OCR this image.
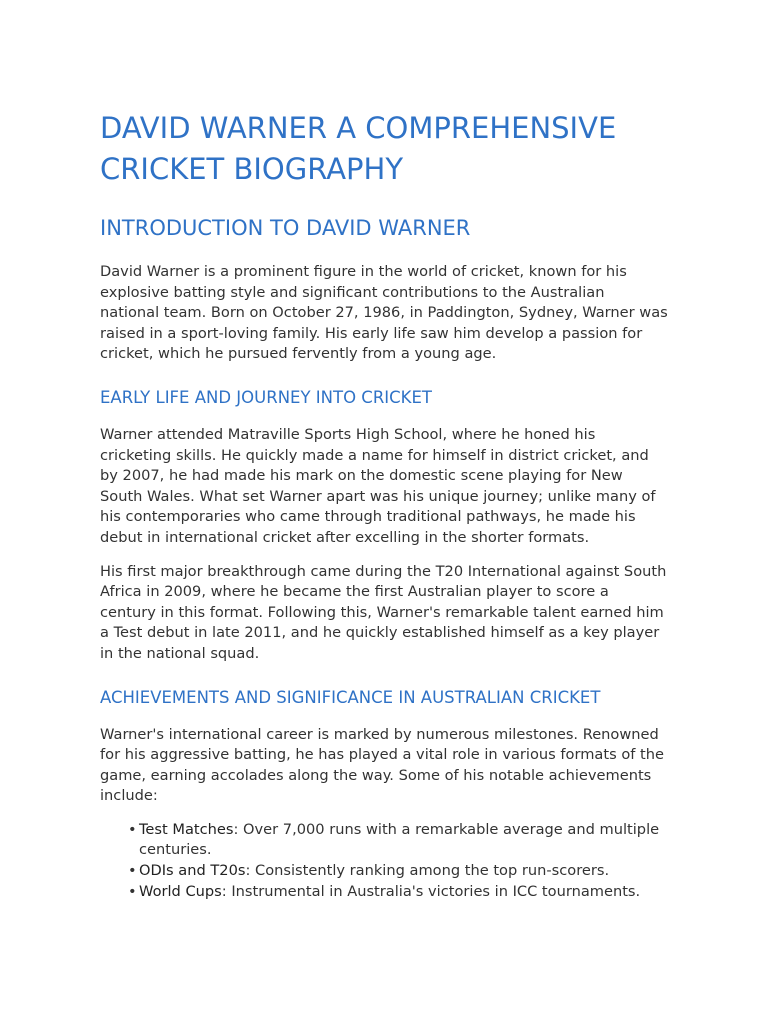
DAVID WARNER A COMPREHENSIVE CRICKET BIOGRAPHY
INTRODUCTION TO DAVID WARNER

David Warner is a prominent figure in the world of cricket, known for his explosive batting style and significant contributions to the Australian national team. Born on October 27, 1986, in Paddington, Sydney, Warner was raised in a sport-loving family. His early life saw him develop a passion for cricket, which he pursued fervently from a young age.

EARLY LIFE AND JOURNEY INTO CRICKET

Warner attended Matraville Sports High School, where he honed his cricketing skills. He quickly made a name for himself in district cricket, and by 2007, he had made his mark on the domestic scene playing for New South Wales. What set Warner apart was his unique journey; unlike many of his contemporaries who came through traditional pathways, he made his debut in international cricket after excelling in the shorter formats.

His first major breakthrough came during the T20 International against South Africa in 2009, where he became the first Australian player to score a century in this format. Following this, Warner's remarkable talent earned him a Test debut in late 2011, and he quickly established himself as a key player in the national squad.

ACHIEVEMENTS AND SIGNIFICANCE IN AUSTRALIAN CRICKET

Warner's international career is marked by numerous milestones. Renowned for his aggressive batting, he has played a vital role in various formats of the game, earning accolades along the way. Some of his notable achievements include:

• Test Matches: Over 7,000 runs with a remarkable average and multiple centuries.
• ODIs and T20s: Consistently ranking among the top run-scorers.
• World Cups: Instrumental in Australia's victories in ICC tournaments.
